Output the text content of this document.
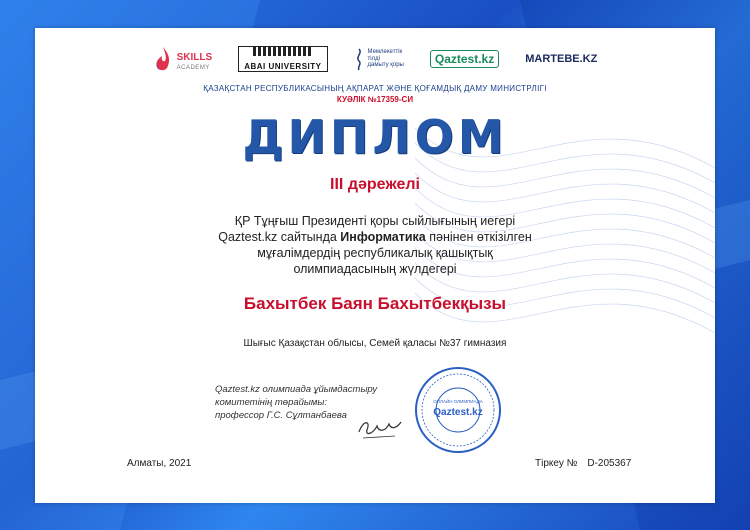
SKILLS
ACADEMY	ABAI UNIVERSITY
Мемлекеттік
тілді
дамыту қоры	Qaztest.kz	MARTEBE.KZ
ҚАЗАҚСТАН РЕСПУБЛИКАСЫНЫҢ АҚПАРАТ ЖӘНЕ ҚОҒАМДЫҚ ДАМУ МИНИСТРЛІГІ
КУӘЛІК №17359-СИ
ДИПЛОМ
ІІІ дәрежелі
ҚР Тұңғыш Президенті қоры сыйлығының иегері
Qaztest.kz сайтында Информатика пәнінен өткізілген
мұғалімдердің республикалық қашықтық
олимпиадасының жүлдегері
Бахытбек Баян Бахытбекқызы
Шығыс Қазақстан облысы, Семей қаласы №37 гимназия
Qaztest.kz олимпиада ұйымдастыру
комитетінің төрайымы:
профессор Г.С. Сұлтанбаева
ОНЛАЙН ОЛИМПИАДА
Qaztest.kz
Алматы, 2021	Тіркеу № D-205367
